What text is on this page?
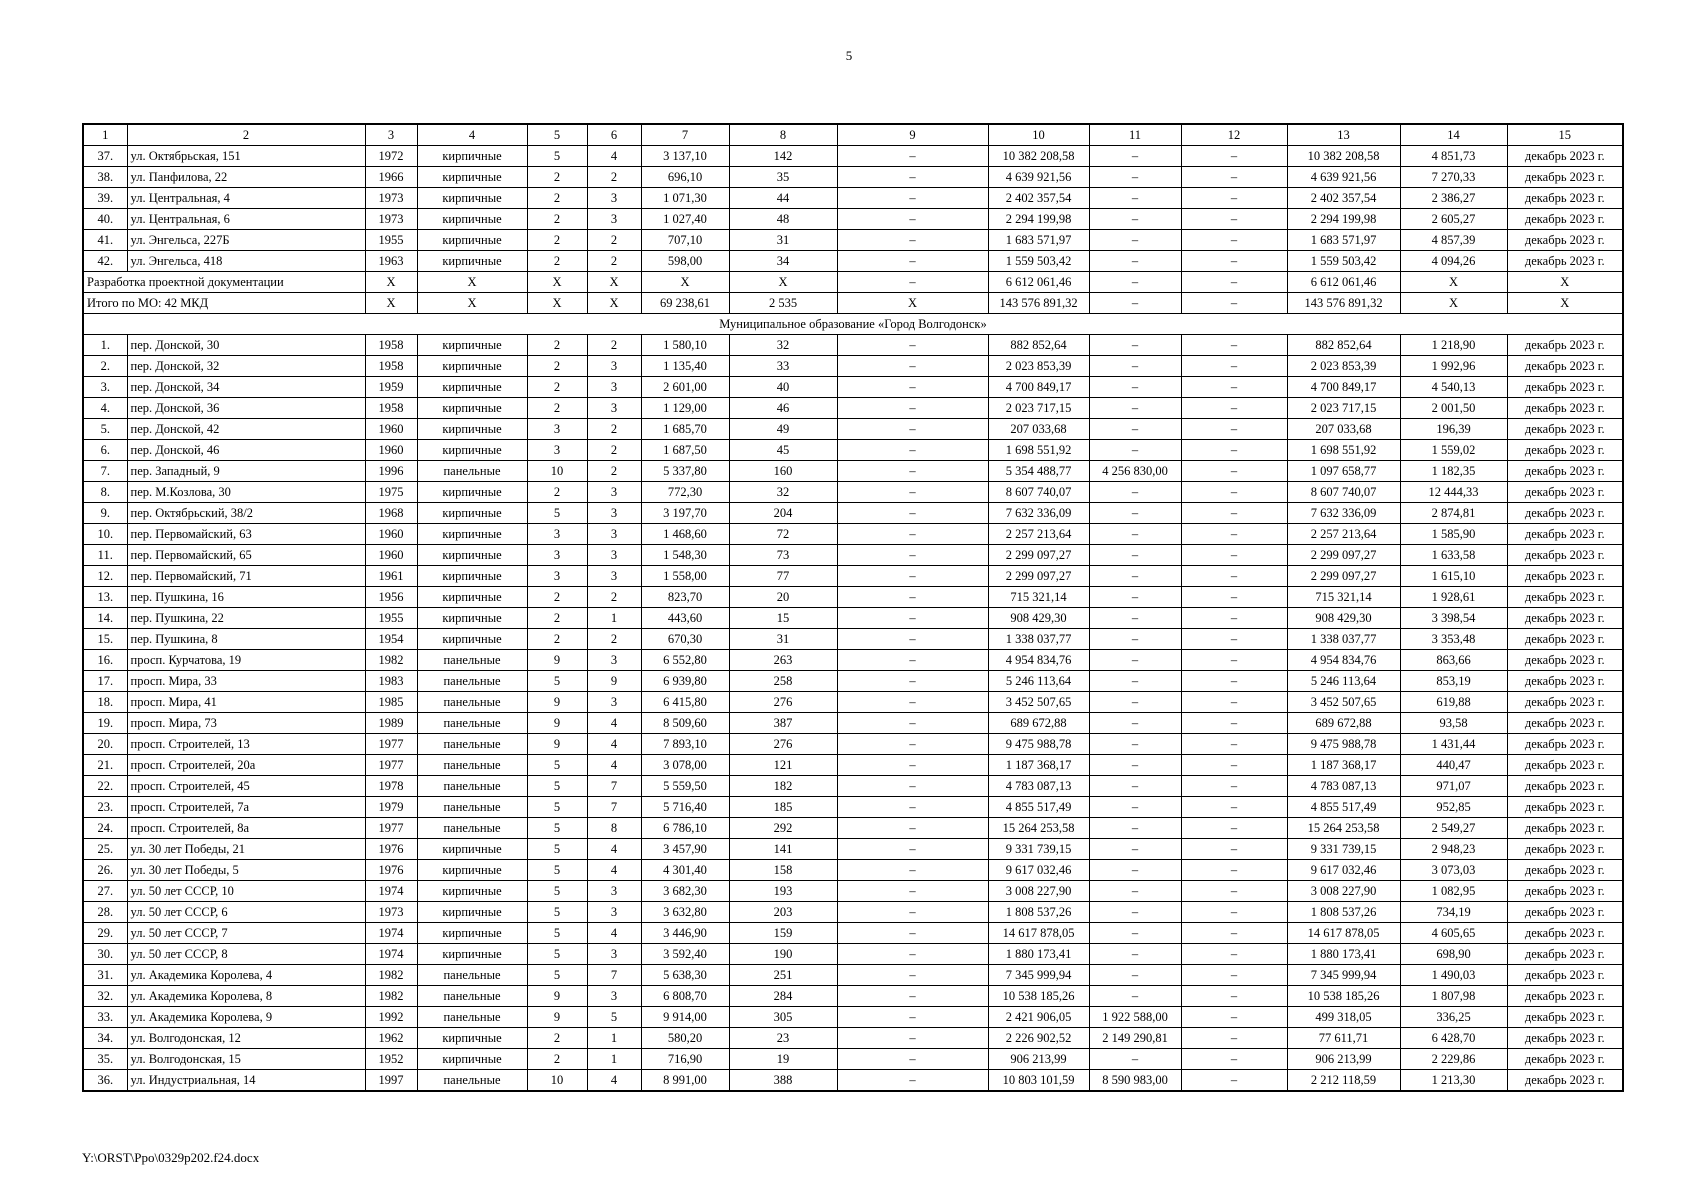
5
1	2	3	4	5	6	7	8	9	10	11	12	13	14	15
37.	ул. Октябрьская, 151	1972	кирпичные	5	4	3 137,10	142	–	10 382 208,58	–	–	10 382 208,58	4 851,73	декабрь 2023 г.
38.	ул. Панфилова, 22	1966	кирпичные	2	2	696,10	35	–	4 639 921,56	–	–	4 639 921,56	7 270,33	декабрь 2023 г.
39.	ул. Центральная, 4	1973	кирпичные	2	3	1 071,30	44	–	2 402 357,54	–	–	2 402 357,54	2 386,27	декабрь 2023 г.
40.	ул. Центральная, 6	1973	кирпичные	2	3	1 027,40	48	–	2 294 199,98	–	–	2 294 199,98	2 605,27	декабрь 2023 г.
41.	ул. Энгельса, 227Б	1955	кирпичные	2	2	707,10	31	–	1 683 571,97	–	–	1 683 571,97	4 857,39	декабрь 2023 г.
42.	ул. Энгельса, 418	1963	кирпичные	2	2	598,00	34	–	1 559 503,42	–	–	1 559 503,42	4 094,26	декабрь 2023 г.
Разработка проектной документации		X	X	X	X	X	X	–	6 612 061,46	–	–	6 612 061,46	X	X
Итого по МО: 42 МКД		X	X	X	X	69 238,61	2 535	X	143 576 891,32	–	–	143 576 891,32	X	X
Муниципальное образование «Город Волгодонск»														
1.	пер. Донской, 30	1958	кирпичные	2	2	1 580,10	32	–	882 852,64	–	–	882 852,64	1 218,90	декабрь 2023 г.
2.	пер. Донской, 32	1958	кирпичные	2	3	1 135,40	33	–	2 023 853,39	–	–	2 023 853,39	1 992,96	декабрь 2023 г.
3.	пер. Донской, 34	1959	кирпичные	2	3	2 601,00	40	–	4 700 849,17	–	–	4 700 849,17	4 540,13	декабрь 2023 г.
4.	пер. Донской, 36	1958	кирпичные	2	3	1 129,00	46	–	2 023 717,15	–	–	2 023 717,15	2 001,50	декабрь 2023 г.
5.	пер. Донской, 42	1960	кирпичные	3	2	1 685,70	49	–	207 033,68	–	–	207 033,68	196,39	декабрь 2023 г.
6.	пер. Донской, 46	1960	кирпичные	3	2	1 687,50	45	–	1 698 551,92	–	–	1 698 551,92	1 559,02	декабрь 2023 г.
7.	пер. Западный, 9	1996	панельные	10	2	5 337,80	160	–	5 354 488,77	4 256 830,00	–	1 097 658,77	1 182,35	декабрь 2023 г.
8.	пер. М.Козлова, 30	1975	кирпичные	2	3	772,30	32	–	8 607 740,07	–	–	8 607 740,07	12 444,33	декабрь 2023 г.
9.	пер. Октябрьский, 38/2	1968	кирпичные	5	3	3 197,70	204	–	7 632 336,09	–	–	7 632 336,09	2 874,81	декабрь 2023 г.
10.	пер. Первомайский, 63	1960	кирпичные	3	3	1 468,60	72	–	2 257 213,64	–	–	2 257 213,64	1 585,90	декабрь 2023 г.
11.	пер. Первомайский, 65	1960	кирпичные	3	3	1 548,30	73	–	2 299 097,27	–	–	2 299 097,27	1 633,58	декабрь 2023 г.
12.	пер. Первомайский, 71	1961	кирпичные	3	3	1 558,00	77	–	2 299 097,27	–	–	2 299 097,27	1 615,10	декабрь 2023 г.
13.	пер. Пушкина, 16	1956	кирпичные	2	2	823,70	20	–	715 321,14	–	–	715 321,14	1 928,61	декабрь 2023 г.
14.	пер. Пушкина, 22	1955	кирпичные	2	1	443,60	15	–	908 429,30	–	–	908 429,30	3 398,54	декабрь 2023 г.
15.	пер. Пушкина, 8	1954	кирпичные	2	2	670,30	31	–	1 338 037,77	–	–	1 338 037,77	3 353,48	декабрь 2023 г.
16.	просп. Курчатова, 19	1982	панельные	9	3	6 552,80	263	–	4 954 834,76	–	–	4 954 834,76	863,66	декабрь 2023 г.
17.	просп. Мира, 33	1983	панельные	5	9	6 939,80	258	–	5 246 113,64	–	–	5 246 113,64	853,19	декабрь 2023 г.
18.	просп. Мира, 41	1985	панельные	9	3	6 415,80	276	–	3 452 507,65	–	–	3 452 507,65	619,88	декабрь 2023 г.
19.	просп. Мира, 73	1989	панельные	9	4	8 509,60	387	–	689 672,88	–	–	689 672,88	93,58	декабрь 2023 г.
20.	просп. Строителей, 13	1977	панельные	9	4	7 893,10	276	–	9 475 988,78	–	–	9 475 988,78	1 431,44	декабрь 2023 г.
21.	просп. Строителей, 20а	1977	панельные	5	4	3 078,00	121	–	1 187 368,17	–	–	1 187 368,17	440,47	декабрь 2023 г.
22.	просп. Строителей, 45	1978	панельные	5	7	5 559,50	182	–	4 783 087,13	–	–	4 783 087,13	971,07	декабрь 2023 г.
23.	просп. Строителей, 7а	1979	панельные	5	7	5 716,40	185	–	4 855 517,49	–	–	4 855 517,49	952,85	декабрь 2023 г.
24.	просп. Строителей, 8а	1977	панельные	5	8	6 786,10	292	–	15 264 253,58	–	–	15 264 253,58	2 549,27	декабрь 2023 г.
25.	ул. 30 лет Победы, 21	1976	кирпичные	5	4	3 457,90	141	–	9 331 739,15	–	–	9 331 739,15	2 948,23	декабрь 2023 г.
26.	ул. 30 лет Победы, 5	1976	кирпичные	5	4	4 301,40	158	–	9 617 032,46	–	–	9 617 032,46	3 073,03	декабрь 2023 г.
27.	ул. 50 лет СССР, 10	1974	кирпичные	5	3	3 682,30	193	–	3 008 227,90	–	–	3 008 227,90	1 082,95	декабрь 2023 г.
28.	ул. 50 лет СССР, 6	1973	кирпичные	5	3	3 632,80	203	–	1 808 537,26	–	–	1 808 537,26	734,19	декабрь 2023 г.
29.	ул. 50 лет СССР, 7	1974	кирпичные	5	4	3 446,90	159	–	14 617 878,05	–	–	14 617 878,05	4 605,65	декабрь 2023 г.
30.	ул. 50 лет СССР, 8	1974	кирпичные	5	3	3 592,40	190	–	1 880 173,41	–	–	1 880 173,41	698,90	декабрь 2023 г.
31.	ул. Академика Королева, 4	1982	панельные	5	7	5 638,30	251	–	7 345 999,94	–	–	7 345 999,94	1 490,03	декабрь 2023 г.
32.	ул. Академика Королева, 8	1982	панельные	9	3	6 808,70	284	–	10 538 185,26	–	–	10 538 185,26	1 807,98	декабрь 2023 г.
33.	ул. Академика Королева, 9	1992	панельные	9	5	9 914,00	305	–	2 421 906,05	1 922 588,00	–	499 318,05	336,25	декабрь 2023 г.
34.	ул. Волгодонская, 12	1962	кирпичные	2	1	580,20	23	–	2 226 902,52	2 149 290,81	–	77 611,71	6 428,70	декабрь 2023 г.
35.	ул. Волгодонская, 15	1952	кирпичные	2	1	716,90	19	–	906 213,99	–	–	906 213,99	2 229,86	декабрь 2023 г.
36.	ул. Индустриальная, 14	1997	панельные	10	4	8 991,00	388	–	10 803 101,59	8 590 983,00	–	2 212 118,59	1 213,30	декабрь 2023 г.
Y:\ORST\Ppo\0329p202.f24.docx
